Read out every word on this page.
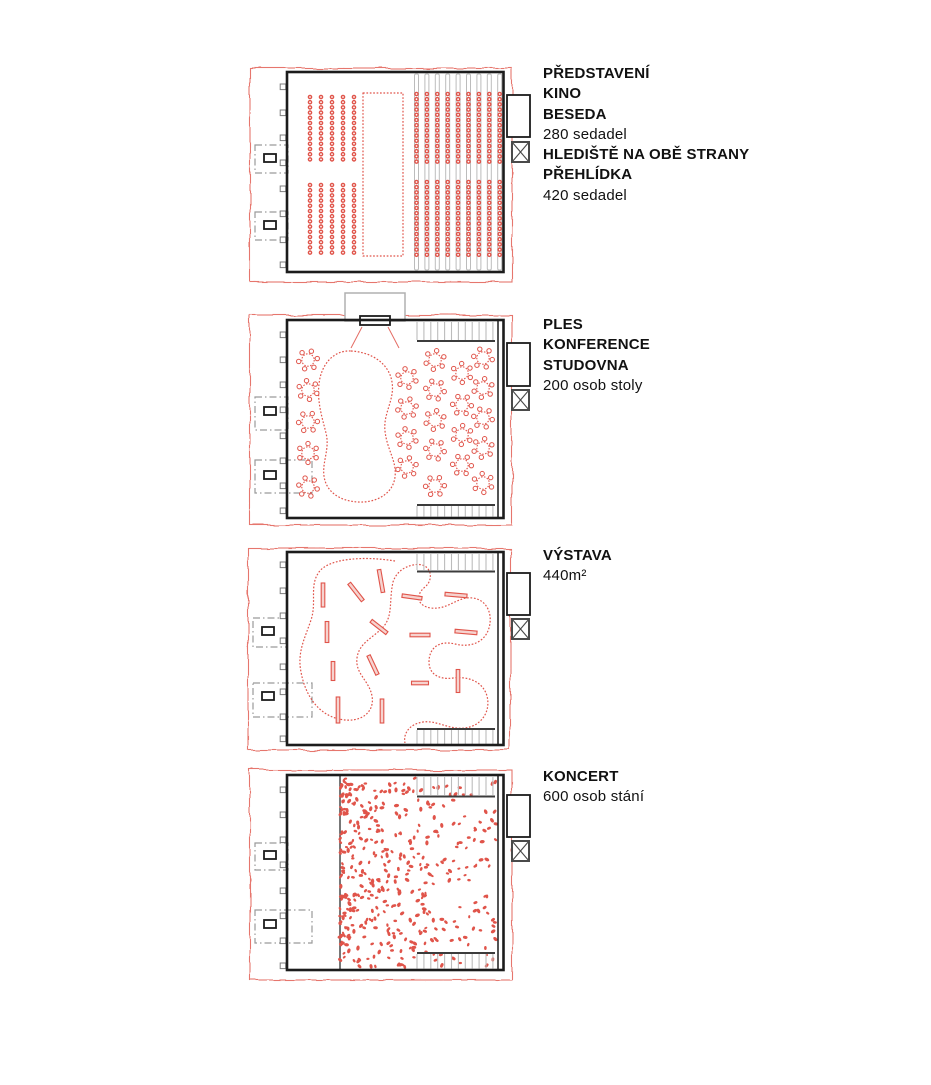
PŘEDSTAVENÍ
KINO
BESEDA
280 sedadel
HLEDIŠTĚ NA OBĚ STRANY
PŘEHLÍDKA
420 sedadel
PLES
KONFERENCE
STUDOVNA
200 osob stoly
VÝSTAVA
440m²
KONCERT
600 osob stání
